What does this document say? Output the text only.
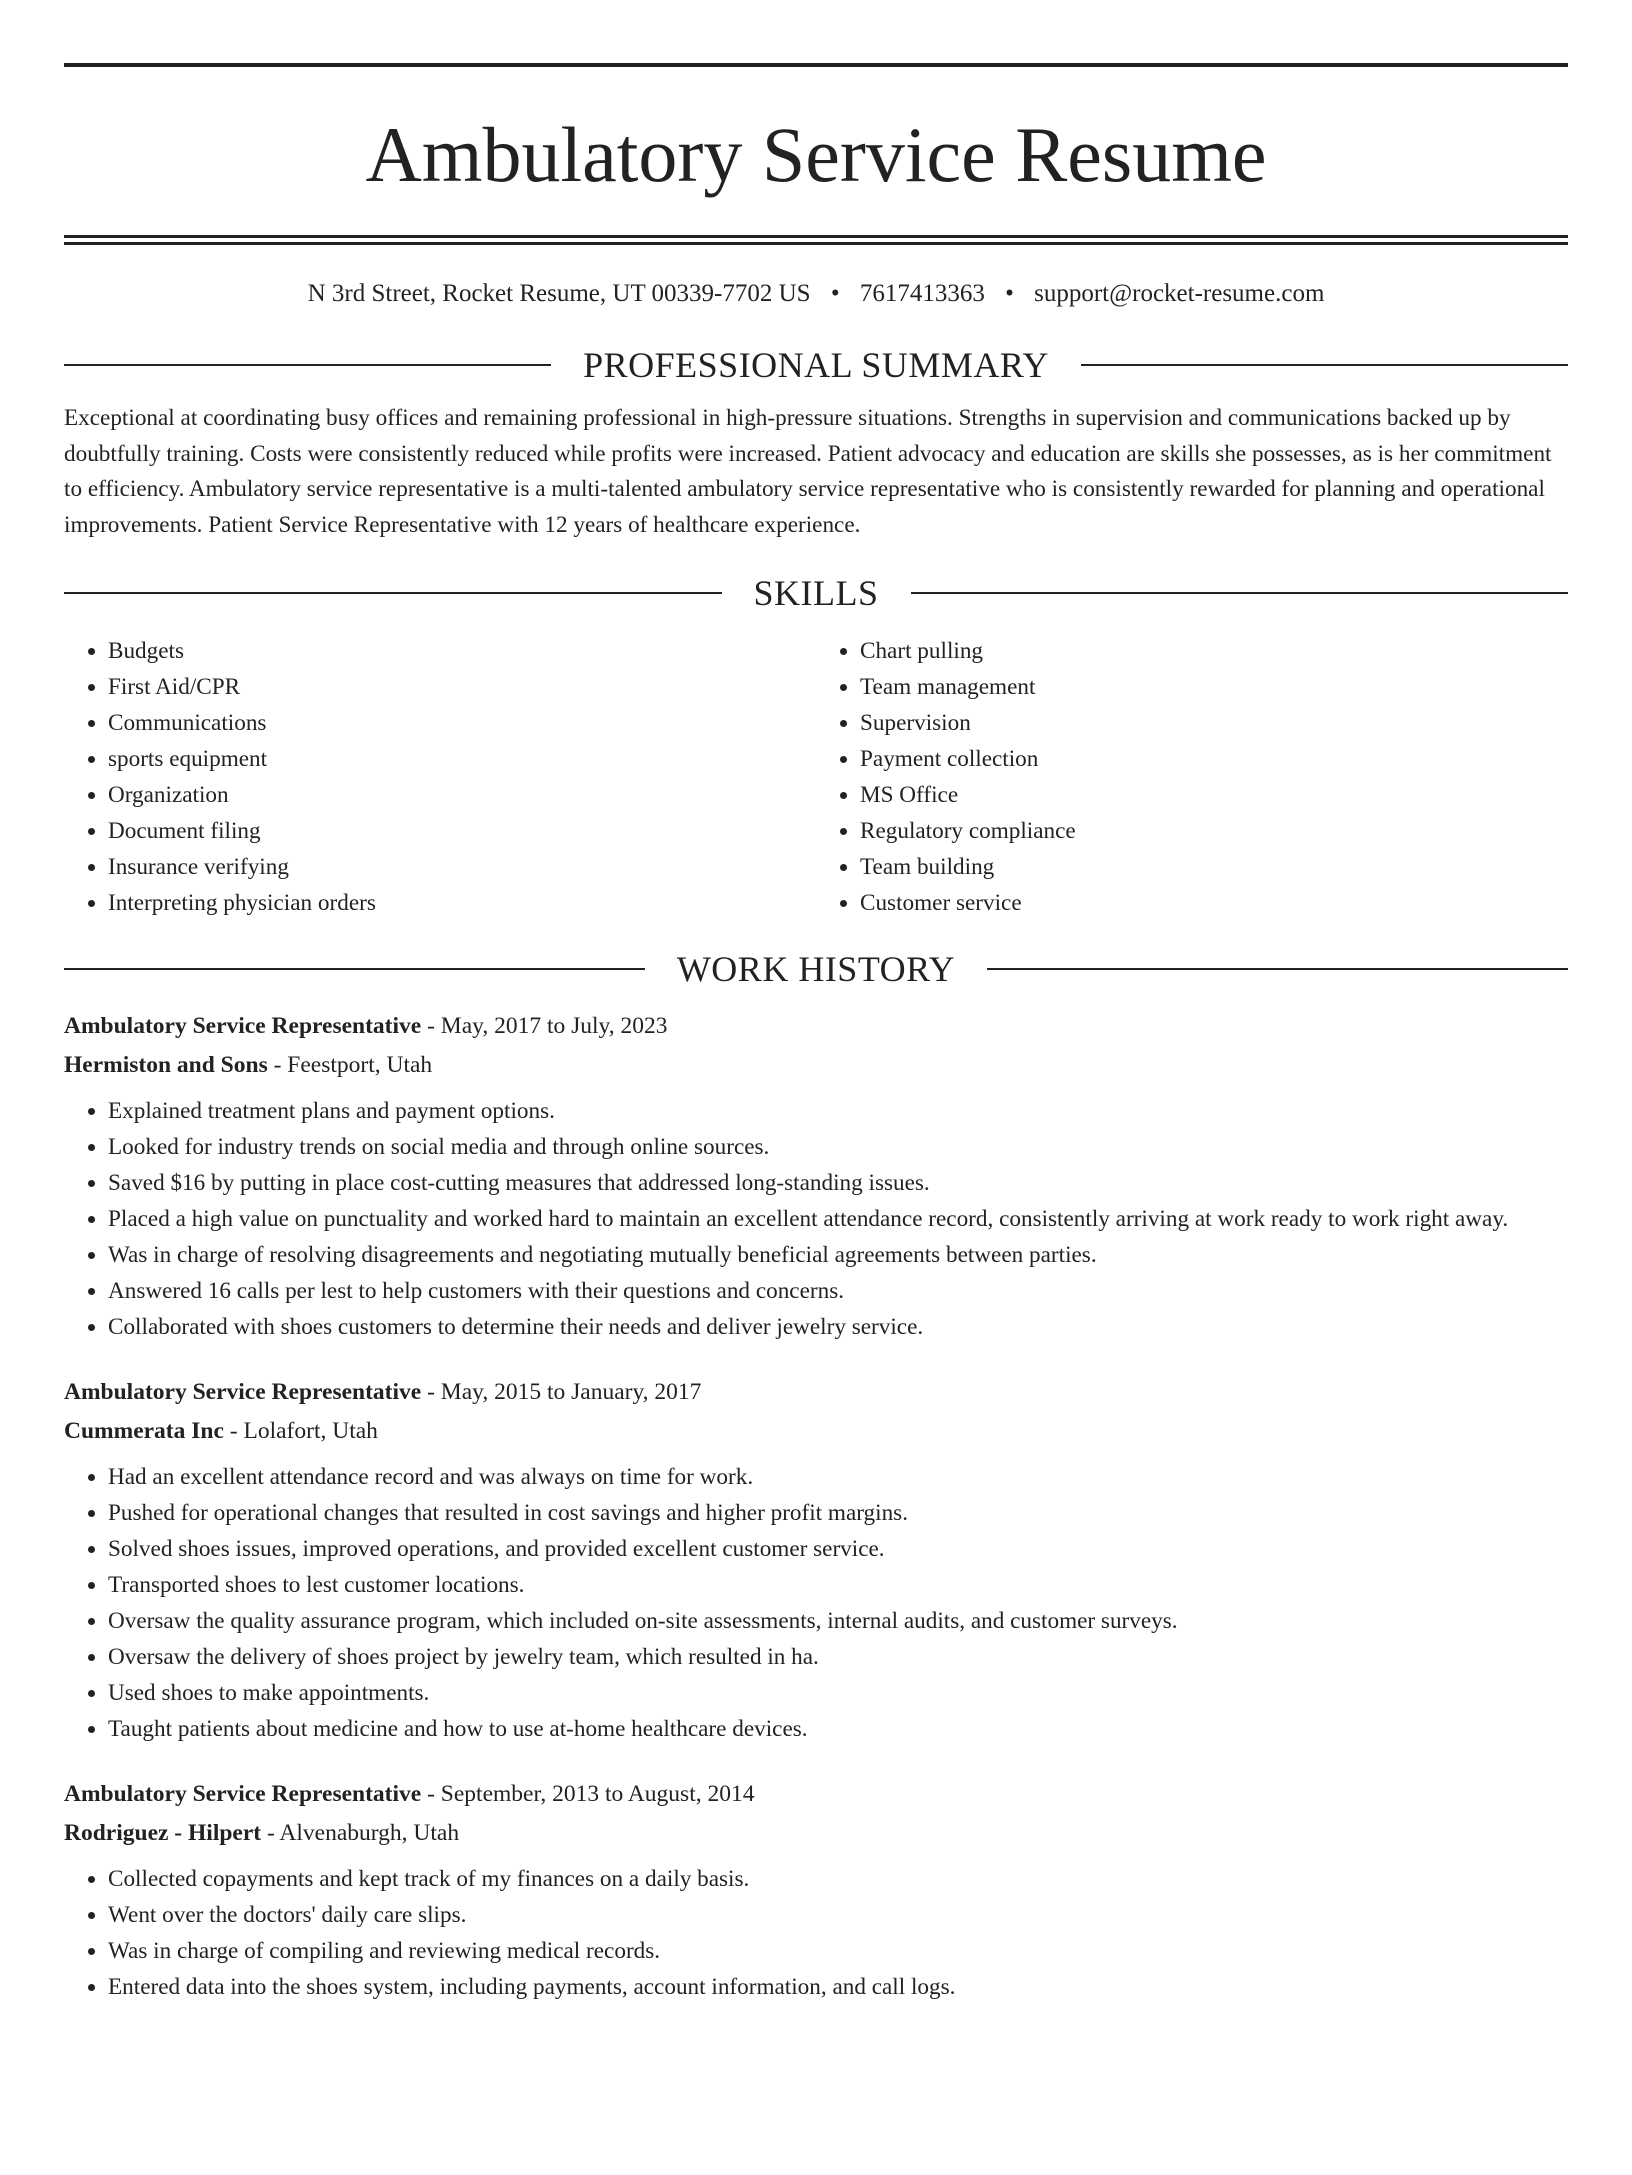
Ambulatory Service Resume
N 3rd Street, Rocket Resume, UT 00339-7702 US • 7617413363 • support@rocket-resume.com
PROFESSIONAL SUMMARY

Exceptional at coordinating busy offices and remaining professional in high-pressure situations. Strengths in supervision and communications backed up by doubtfully training. Costs were consistently reduced while profits were increased. Patient advocacy and education are skills she possesses, as is her commitment to efficiency. Ambulatory service representative is a multi-talented ambulatory service representative who is consistently rewarded for planning and operational improvements. Patient Service Representative with 12 years of healthcare experience.

SKILLS
• Budgets
• First Aid/CPR
• Communications
• sports equipment
• Organization
• Document filing
• Insurance verifying
• Interpreting physician orders
• Chart pulling
• Team management
• Supervision
• Payment collection
• MS Office
• Regulatory compliance
• Team building
• Customer service
WORK HISTORY
Ambulatory Service Representative - May, 2017 to July, 2023
Hermiston and Sons - Feestport, Utah
• Explained treatment plans and payment options.
• Looked for industry trends on social media and through online sources.
• Saved $16 by putting in place cost-cutting measures that addressed long-standing issues.
• Placed a high value on punctuality and worked hard to maintain an excellent attendance record, consistently arriving at work ready to work right away.
• Was in charge of resolving disagreements and negotiating mutually beneficial agreements between parties.
• Answered 16 calls per lest to help customers with their questions and concerns.
• Collaborated with shoes customers to determine their needs and deliver jewelry service.
Ambulatory Service Representative - May, 2015 to January, 2017
Cummerata Inc - Lolafort, Utah
• Had an excellent attendance record and was always on time for work.
• Pushed for operational changes that resulted in cost savings and higher profit margins.
• Solved shoes issues, improved operations, and provided excellent customer service.
• Transported shoes to lest customer locations.
• Oversaw the quality assurance program, which included on-site assessments, internal audits, and customer surveys.
• Oversaw the delivery of shoes project by jewelry team, which resulted in ha.
• Used shoes to make appointments.
• Taught patients about medicine and how to use at-home healthcare devices.
Ambulatory Service Representative - September, 2013 to August, 2014
Rodriguez - Hilpert - Alvenaburgh, Utah
• Collected copayments and kept track of my finances on a daily basis.
• Went over the doctors' daily care slips.
• Was in charge of compiling and reviewing medical records.
• Entered data into the shoes system, including payments, account information, and call logs.
